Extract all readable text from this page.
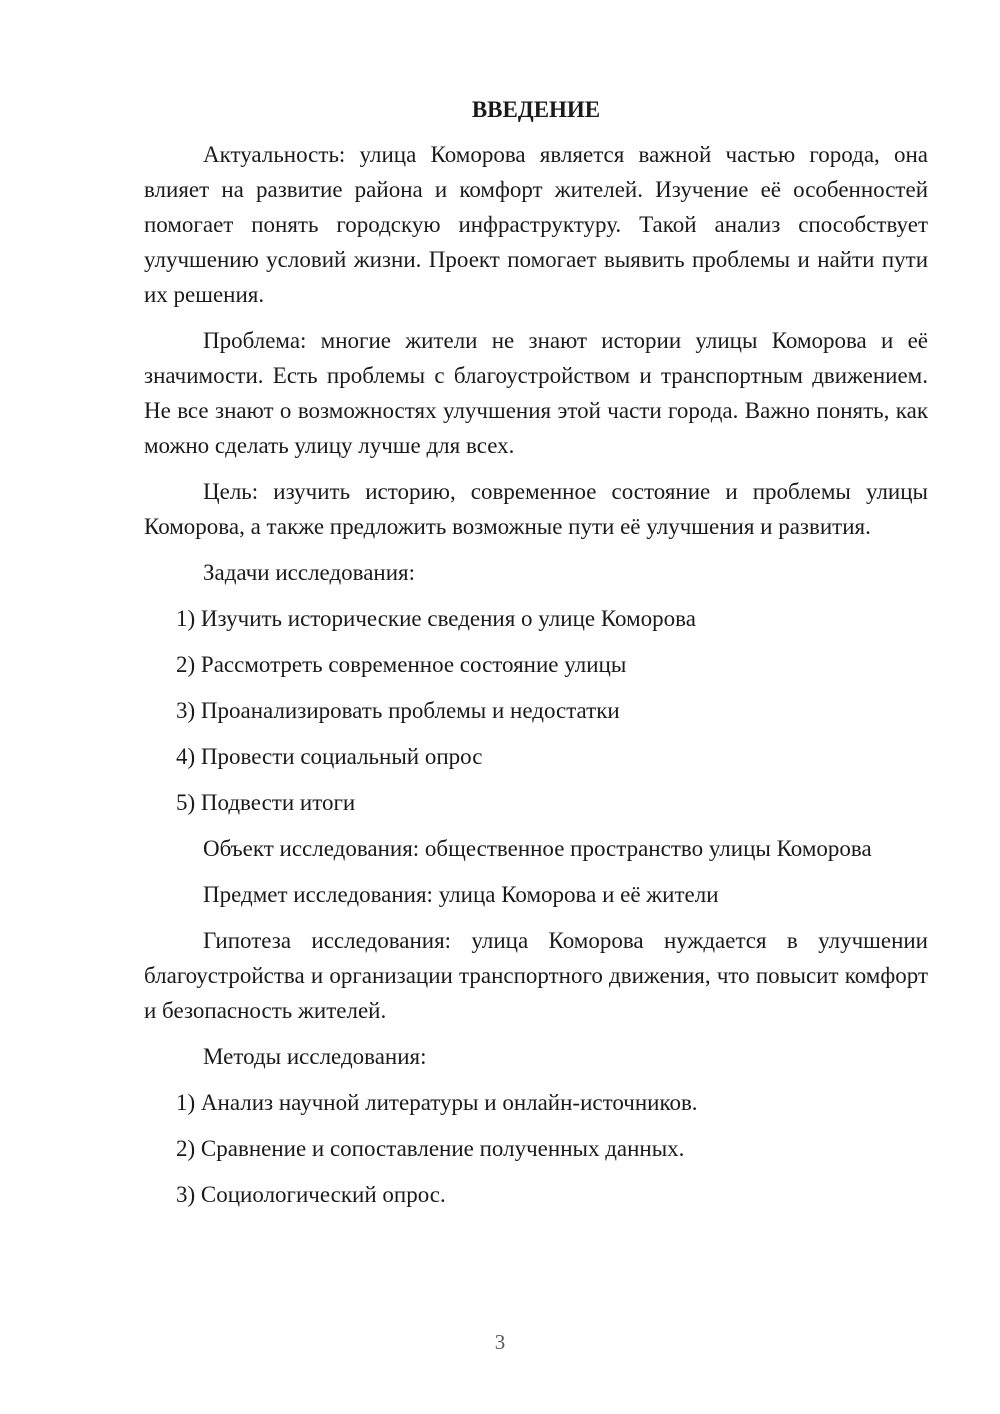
ВВЕДЕНИЕ

Актуальность: улица Коморова является важной частью города, она влияет на развитие района и комфорт жителей. Изучение её особенностей помогает понять городскую инфраструктуру. Такой анализ способствует улучшению условий жизни. Проект помогает выявить проблемы и найти пути их решения.

Проблема: многие жители не знают истории улицы Коморова и её значимости. Есть проблемы с благоустройством и транспортным движением. Не все знают о возможностях улучшения этой части города. Важно понять, как можно сделать улицу лучше для всех.

Цель: изучить историю, современное состояние и проблемы улицы Коморова, а также предложить возможные пути её улучшения и развития.

Задачи исследования:

1) Изучить исторические сведения о улице Коморова
2) Рассмотреть современное состояние улицы
3) Проанализировать проблемы и недостатки
4) Провести социальный опрос
5) Подвести итоги

Объект исследования: общественное пространство улицы Коморова

Предмет исследования: улица Коморова и её жители

Гипотеза исследования: улица Коморова нуждается в улучшении благоустройства и организации транспортного движения, что повысит комфорт и безопасность жителей.

Методы исследования:

1) Анализ научной литературы и онлайн-источников.
2) Сравнение и сопоставление полученных данных.
3) Социологический опрос.
3
